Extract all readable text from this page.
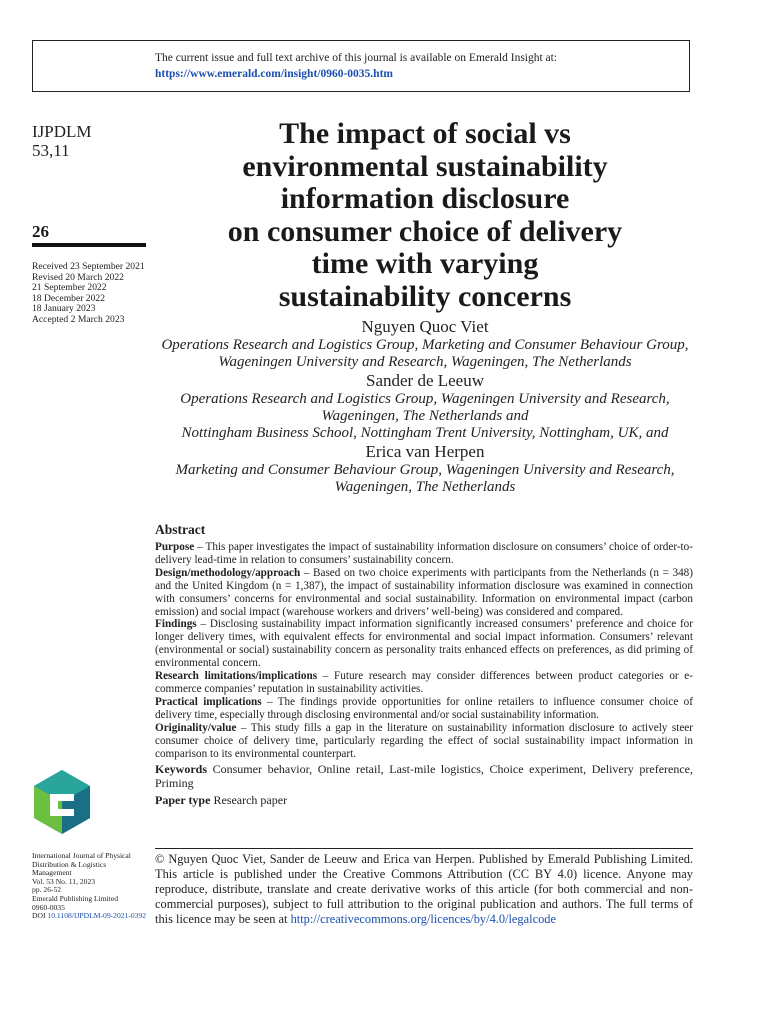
The current issue and full text archive of this journal is available on Emerald Insight at:
https://www.emerald.com/insight/0960-0035.htm
IJPDLM
53,11
26
Received 23 September 2021
Revised 20 March 2022
21 September 2022
18 December 2022
18 January 2023
Accepted 2 March 2023
The impact of social vs
environmental sustainability
information disclosure
on consumer choice of delivery
time with varying
sustainability concerns
Nguyen Quoc Viet
Operations Research and Logistics Group, Marketing and Consumer Behaviour Group,
Wageningen University and Research, Wageningen, The Netherlands
Sander de Leeuw
Operations Research and Logistics Group, Wageningen University and Research,
Wageningen, The Netherlands and
Nottingham Business School, Nottingham Trent University, Nottingham, UK, and
Erica van Herpen
Marketing and Consumer Behaviour Group, Wageningen University and Research,
Wageningen, The Netherlands
Abstract

Purpose – This paper investigates the impact of sustainability information disclosure on consumers’ choice of order-to-delivery lead-time in relation to consumers’ sustainability concern.

Design/methodology/approach – Based on two choice experiments with participants from the Netherlands (n = 348) and the United Kingdom (n = 1,387), the impact of sustainability information disclosure was examined in connection with consumers’ concerns for environmental and social sustainability. Information on environmental impact (carbon emission) and social impact (warehouse workers and drivers’ well-being) was considered and compared.

Findings – Disclosing sustainability impact information significantly increased consumers’ preference and choice for longer delivery times, with equivalent effects for environmental and social impact information. Consumers’ relevant (environmental or social) sustainability concern as personality traits enhanced effects on preferences, as did priming of environmental concern.

Research limitations/implications – Future research may consider differences between product categories or e-commerce companies’ reputation in sustainability activities.

Practical implications – The findings provide opportunities for online retailers to influence consumer choice of delivery time, especially through disclosing environmental and/or social sustainability information.

Originality/value – This study fills a gap in the literature on sustainability information disclosure to actively steer consumer choice of delivery time, particularly regarding the effect of social sustainability impact information in comparison to its environmental counterpart.

Keywords Consumer behavior, Online retail, Last-mile logistics, Choice experiment, Delivery preference, Priming

Paper type Research paper

International Journal of Physical
Distribution & Logistics
Management
Vol. 53 No. 11, 2023
pp. 26-52
Emerald Publishing Limited
0960-0035
DOI 10.1108/IJPDLM-09-2021-0392
© Nguyen Quoc Viet, Sander de Leeuw and Erica van Herpen. Published by Emerald Publishing Limited. This article is published under the Creative Commons Attribution (CC BY 4.0) licence. Anyone may reproduce, distribute, translate and create derivative works of this article (for both commercial and non-commercial purposes), subject to full attribution to the original publication and authors. The full terms of this licence may be seen at http://creativecommons.org/licences/by/4.0/legalcode
